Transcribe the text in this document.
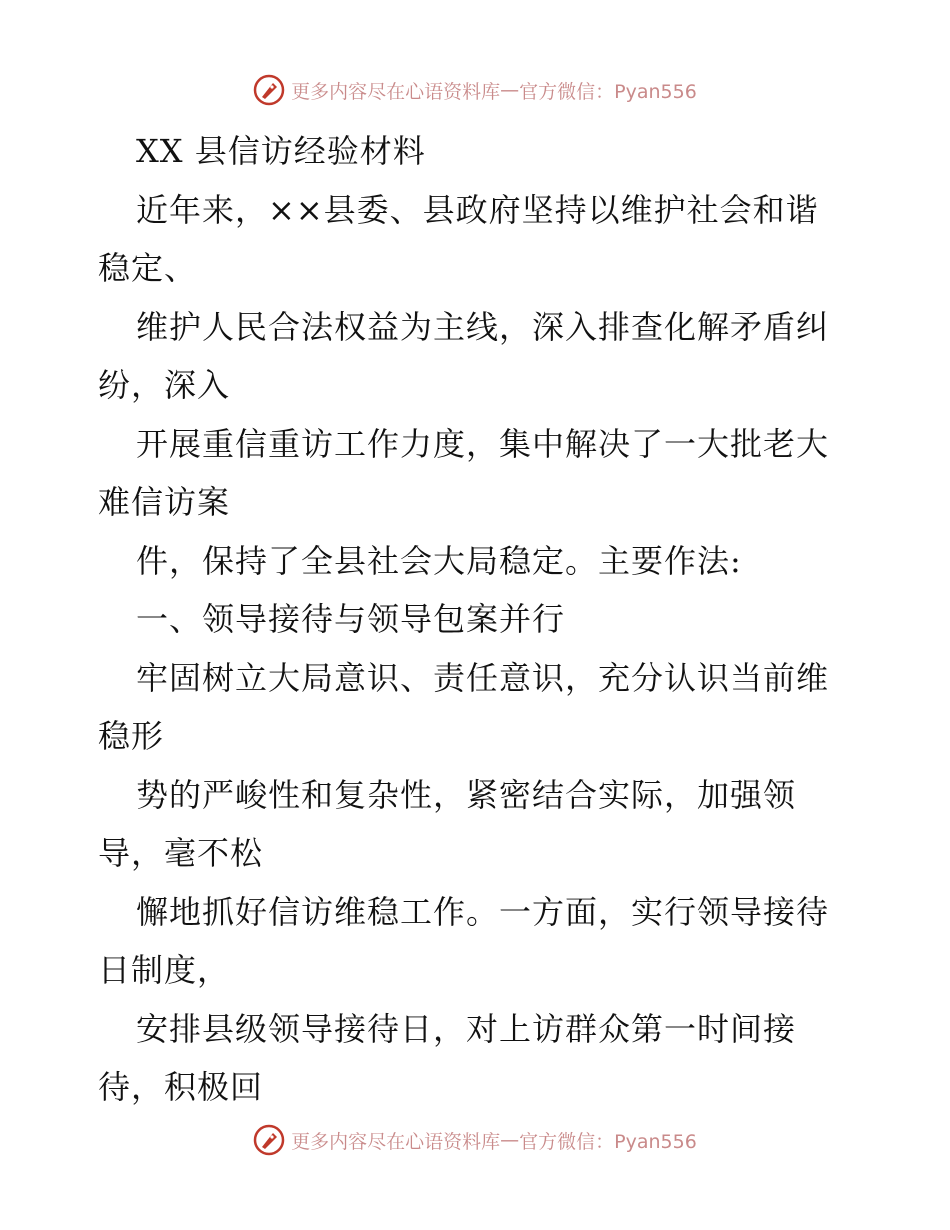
更多内容尽在心语资料库 — 官方微信：Pyan556

XX 县信访经验材料

近年来，××县委、县政府坚持以维护社会和谐

稳定、

维护人民合法权益为主线，深入排查化解矛盾纠

纷，深入

开展重信重访工作力度，集中解决了一大批老大

难信访案

件，保持了全县社会大局稳定。主要作法:

一、领导接待与领导包案并行

牢固树立大局意识、责任意识，充分认识当前维

稳形

势的严峻性和复杂性，紧密结合实际，加强领

导，毫不松

懈地抓好信访维稳工作。一方面，实行领导接待

日制度，

安排县级领导接待日，对上访群众第一时间接

待，积极回

更多内容尽在心语资料库 — 官方微信：Pyan556
